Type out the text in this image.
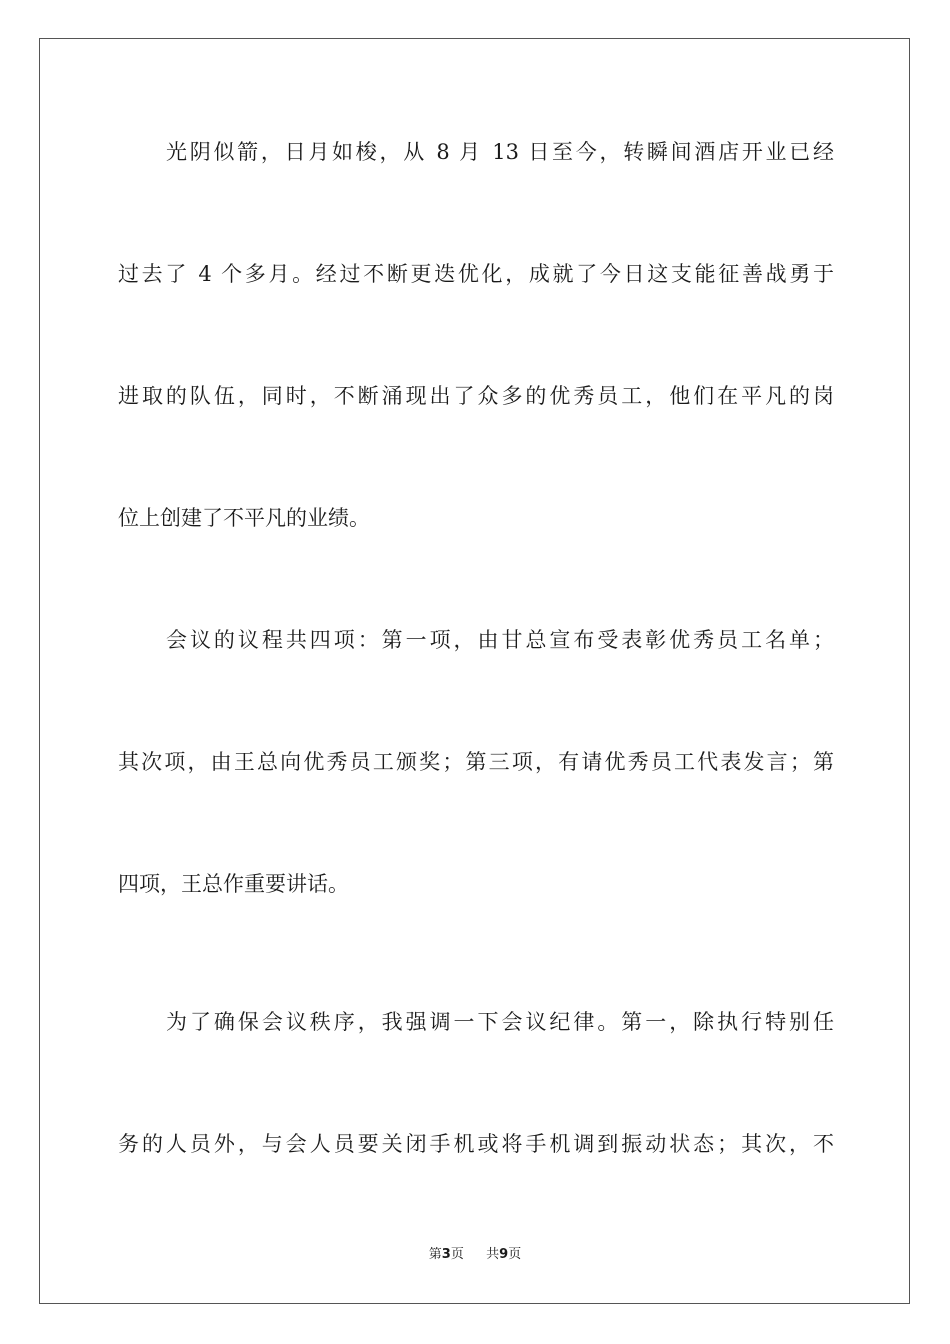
光阴似箭，日月如梭，从 8 月 13 日至今，转瞬间酒店开业已经
过去了 4 个多月。经过不断更迭优化，成就了今日这支能征善战勇于
进取的队伍，同时，不断涌现出了众多的优秀员工，他们在平凡的岗
位上创建了不平凡的业绩。
会议的议程共四项：第一项，由甘总宣布受表彰优秀员工名单；
其次项，由王总向优秀员工颁奖；第三项，有请优秀员工代表发言；第
四项，王总作重要讲话。
为了确保会议秩序，我强调一下会议纪律。第一，除执行特别任
务的人员外，与会人员要关闭手机或将手机调到振动状态；其次，不
第3页 共9页
